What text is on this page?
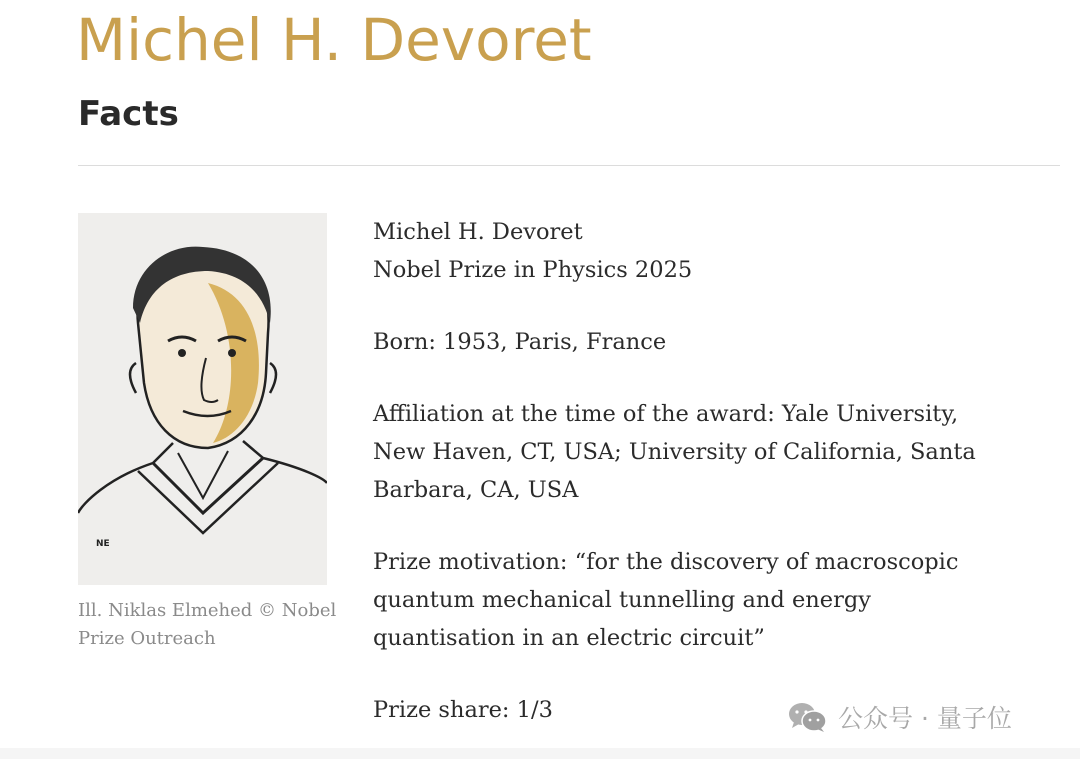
Michel H. Devoret
Facts
NE
Ill. Niklas Elmehed © Nobel Prize Outreach

Michel H. Devoret
Nobel Prize in Physics 2025

Born: 1953, Paris, France

Affiliation at the time of the award: Yale University, New Haven, CT, USA; University of California, Santa Barbara, CA, USA

Prize motivation: “for the discovery of macroscopic quantum mechanical tunnelling and energy quantisation in an electric circuit”

Prize share: 1/3	公众号 · 量子位
